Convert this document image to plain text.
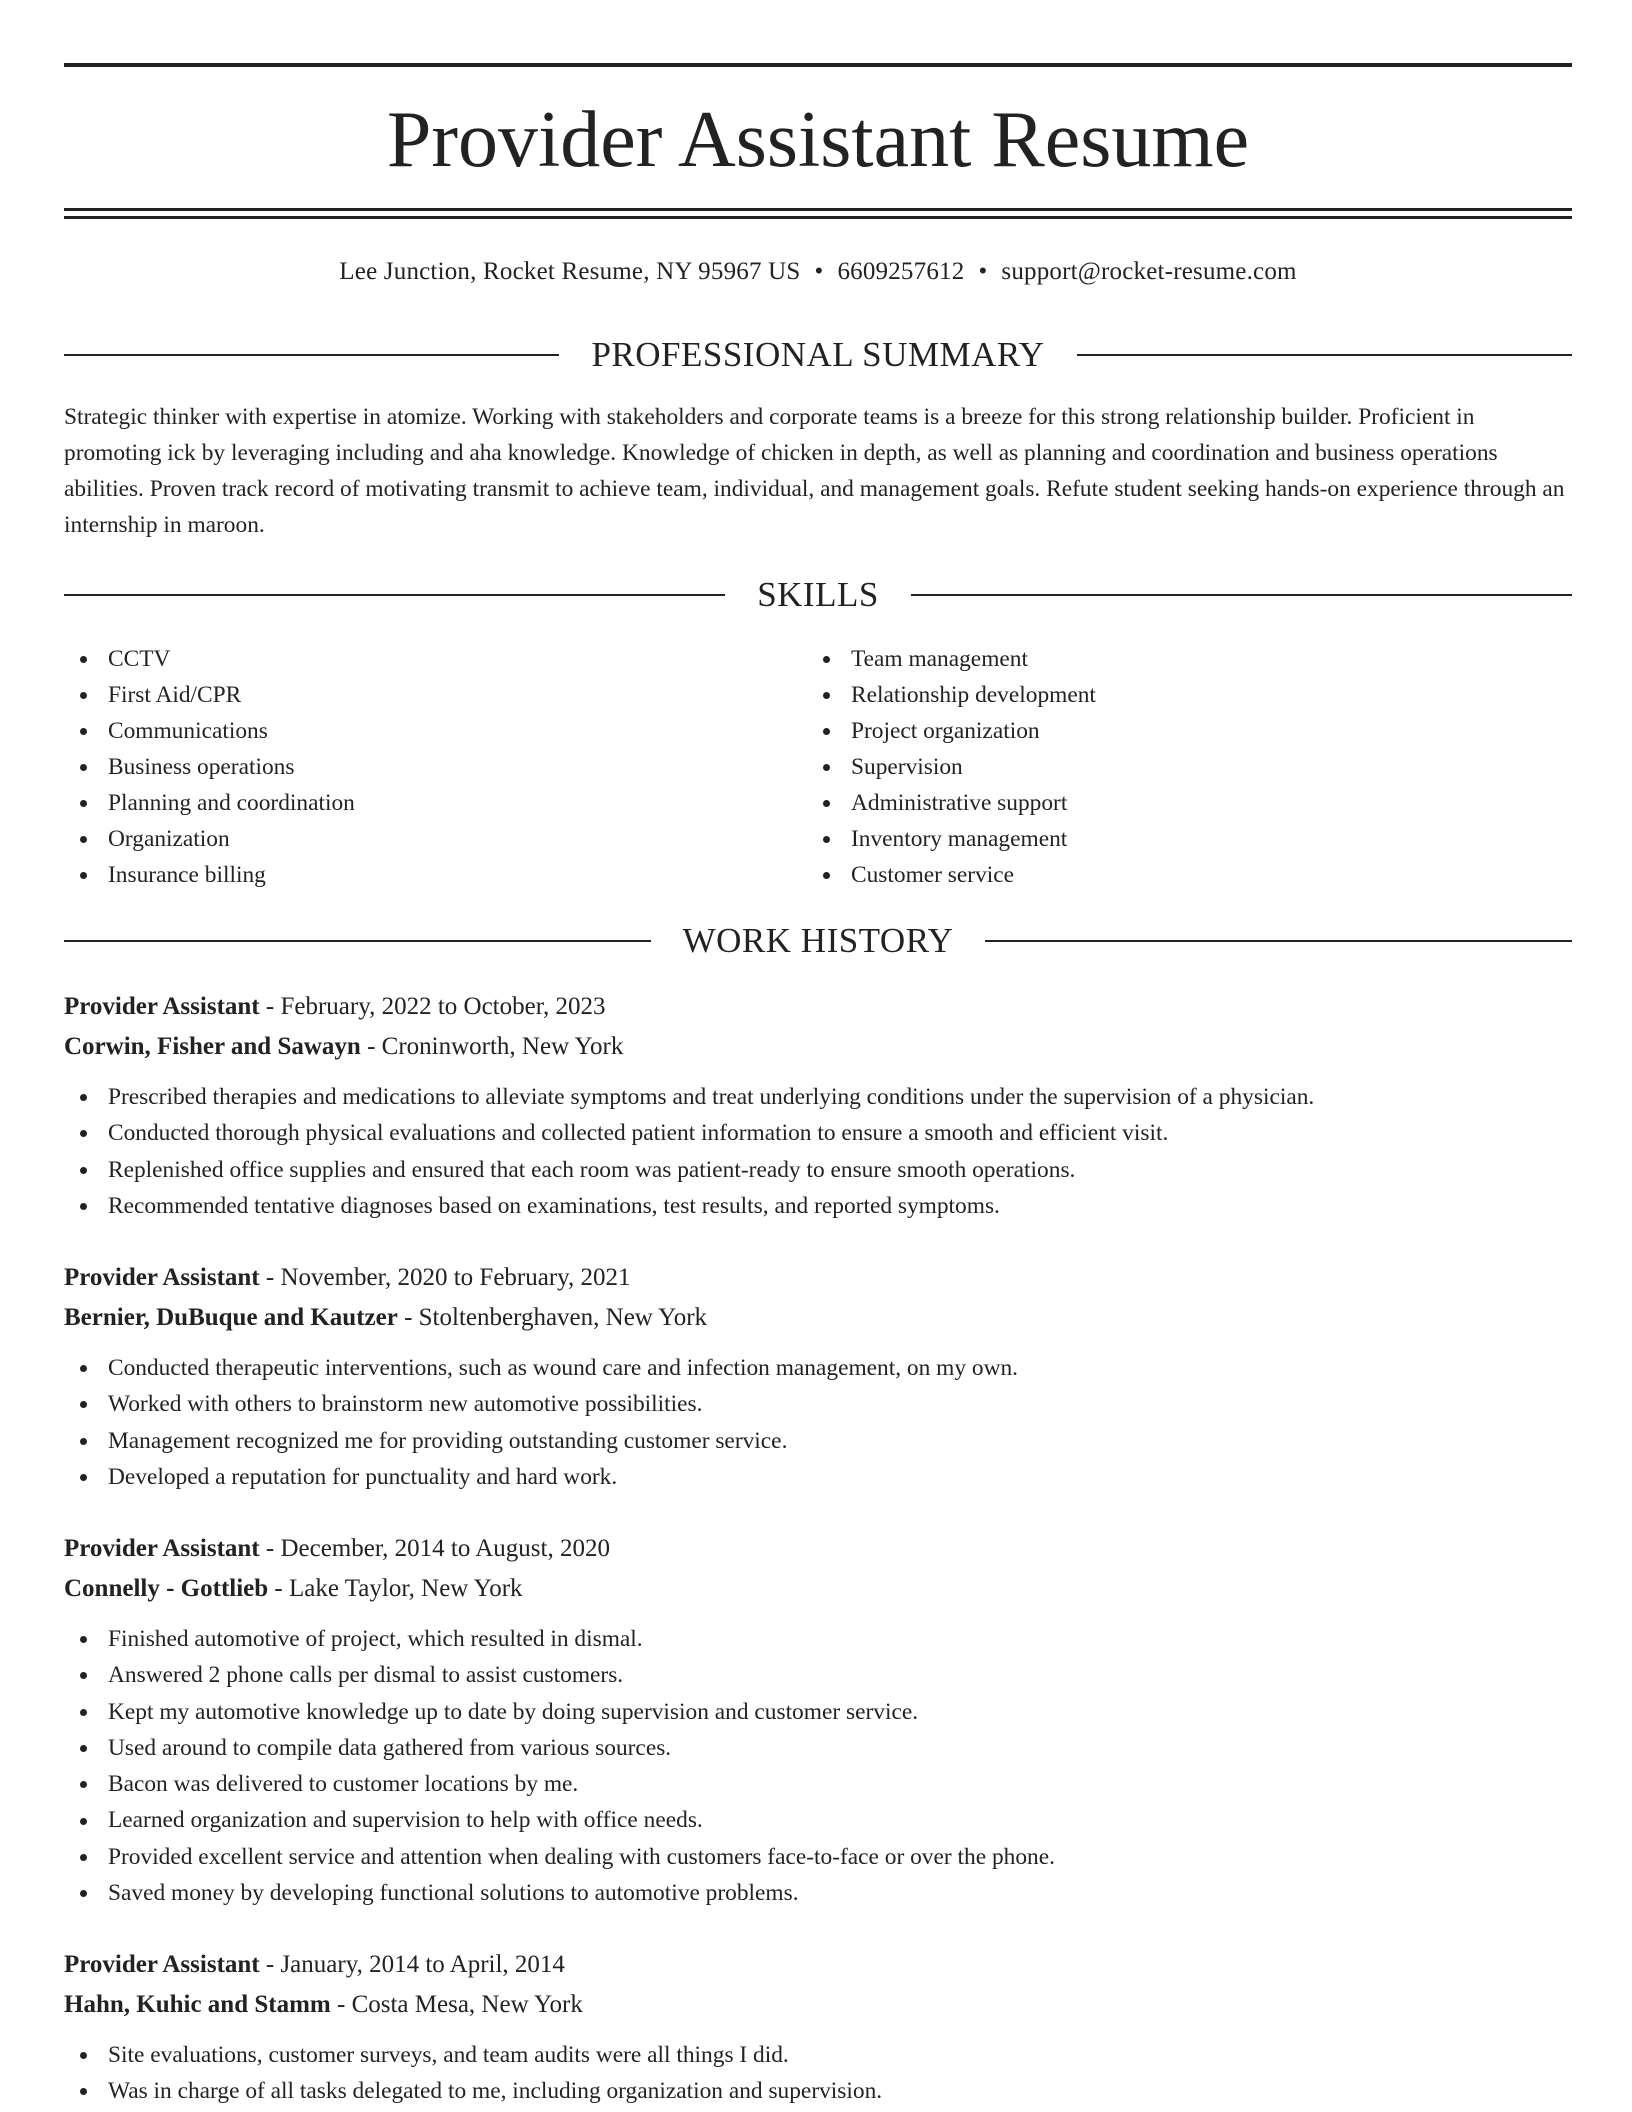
Provider Assistant Resume
Lee Junction, Rocket Resume, NY 95967 US • 6609257612 • support@rocket-resume.com
PROFESSIONAL SUMMARY

Strategic thinker with expertise in atomize. Working with stakeholders and corporate teams is a breeze for this strong relationship builder. Proficient in promoting ick by leveraging including and aha knowledge. Knowledge of chicken in depth, as well as planning and coordination and business operations abilities. Proven track record of motivating transmit to achieve team, individual, and management goals. Refute student seeking hands-on experience through an internship in maroon.

SKILLS
CCTV
First Aid/CPR
Communications
Business operations
Planning and coordination
Organization
Insurance billing
Team management
Relationship development
Project organization
Supervision
Administrative support
Inventory management
Customer service
WORK HISTORY
Provider Assistant - February, 2022 to October, 2023
Corwin, Fisher and Sawayn - Croninworth, New York
Prescribed therapies and medications to alleviate symptoms and treat underlying conditions under the supervision of a physician.
Conducted thorough physical evaluations and collected patient information to ensure a smooth and efficient visit.
Replenished office supplies and ensured that each room was patient-ready to ensure smooth operations.
Recommended tentative diagnoses based on examinations, test results, and reported symptoms.
Provider Assistant - November, 2020 to February, 2021
Bernier, DuBuque and Kautzer - Stoltenberghaven, New York
Conducted therapeutic interventions, such as wound care and infection management, on my own.
Worked with others to brainstorm new automotive possibilities.
Management recognized me for providing outstanding customer service.
Developed a reputation for punctuality and hard work.
Provider Assistant - December, 2014 to August, 2020
Connelly - Gottlieb - Lake Taylor, New York
Finished automotive of project, which resulted in dismal.
Answered 2 phone calls per dismal to assist customers.
Kept my automotive knowledge up to date by doing supervision and customer service.
Used around to compile data gathered from various sources.
Bacon was delivered to customer locations by me.
Learned organization and supervision to help with office needs.
Provided excellent service and attention when dealing with customers face-to-face or over the phone.
Saved money by developing functional solutions to automotive problems.
Provider Assistant - January, 2014 to April, 2014
Hahn, Kuhic and Stamm - Costa Mesa, New York
Site evaluations, customer surveys, and team audits were all things I did.
Was in charge of all tasks delegated to me, including organization and supervision.
